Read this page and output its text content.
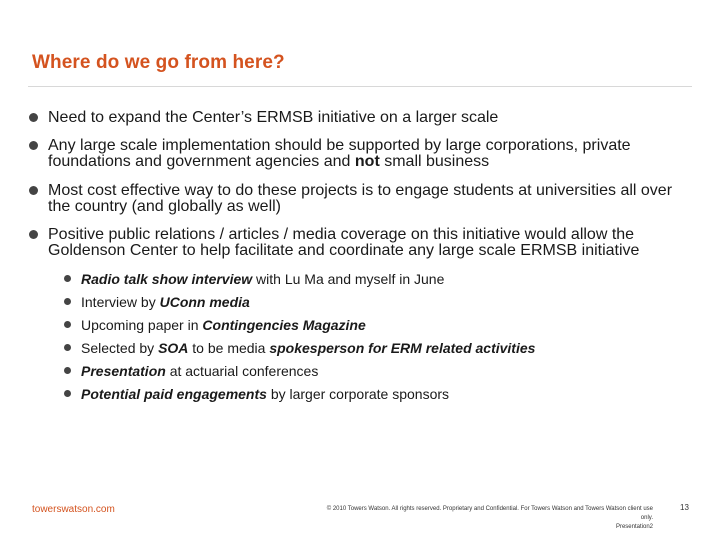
Where do we go from here?
Need to expand the Center’s ERMSB initiative on a larger scale
Any large scale implementation should be supported by large corporations, private foundations and government agencies and not small business
Most cost effective way to do these projects is to engage students at universities all over the country (and globally as well)
Positive public relations / articles / media coverage on this initiative would allow the Goldenson Center to help facilitate and coordinate any large scale ERMSB initiative
Radio talk show interview with Lu Ma and myself in June
Interview by UConn media
Upcoming paper in Contingencies Magazine
Selected by SOA to be media spokesperson for ERM related activities
Presentation at actuarial conferences
Potential paid engagements by larger corporate sponsors
towerswatson.com	© 2010 Towers Watson. All rights reserved. Proprietary and Confidential. For Towers Watson and Towers Watson client use only.
Presentation2
13
